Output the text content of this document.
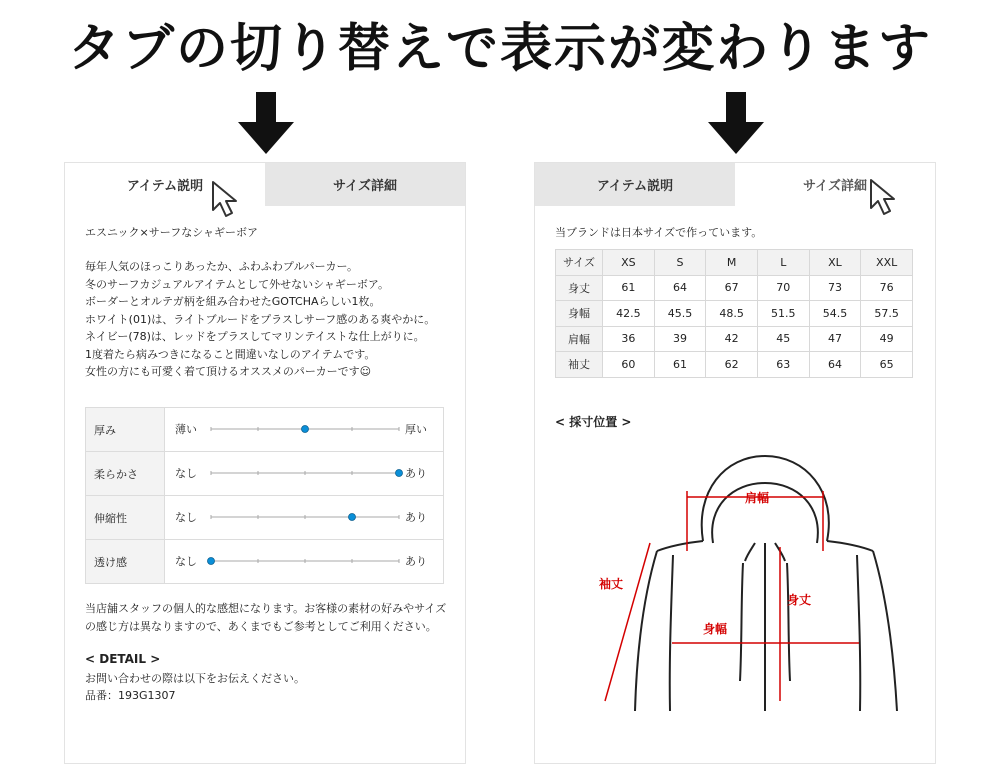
タブの切り替えで表示が変わります
アイテム説明	サイズ詳細
エスニック×サーフなシャギーボア
毎年人気のほっこりあったか、ふわふわプルパーカー。
冬のサーフカジュアルアイテムとして外せないシャギーボア。
ボーダーとオルテガ柄を組み合わせたGOTCHAらしい1枚。
ホワイト(01)は、ライトブルードをプラスしサーフ感のある爽やかに。
ネイビー(78)は、レッドをプラスしてマリンテイストな仕上がりに。
1度着たら病みつきになること間違いなしのアイテムです。
女性の方にも可愛く着て頂けるオススメのパーカーです☺
厚み	薄い 厚い

柔らかさ	なし あり

伸縮性	なし あり

透け感	なし あり
当店舗スタッフの個人的な感想になります。お客様の素材の好みやサイズ
の感じ方は異なりますので、あくまでもご参考としてご利用ください。
< DETAIL >
お問い合わせの際は以下をお伝えください。
品番：193G1307
アイテム説明	サイズ詳細
当ブランドは日本サイズで作っています。
サイズ	XS	S	M	L	XL	XXL
身丈	61	64	67	70	73	76
身幅	42.5	45.5	48.5	51.5	54.5	57.5
肩幅	36	39	42	45	47	49
袖丈	60	61	62	63	64	65
< 採寸位置 >
肩幅
袖丈
身丈
身幅
